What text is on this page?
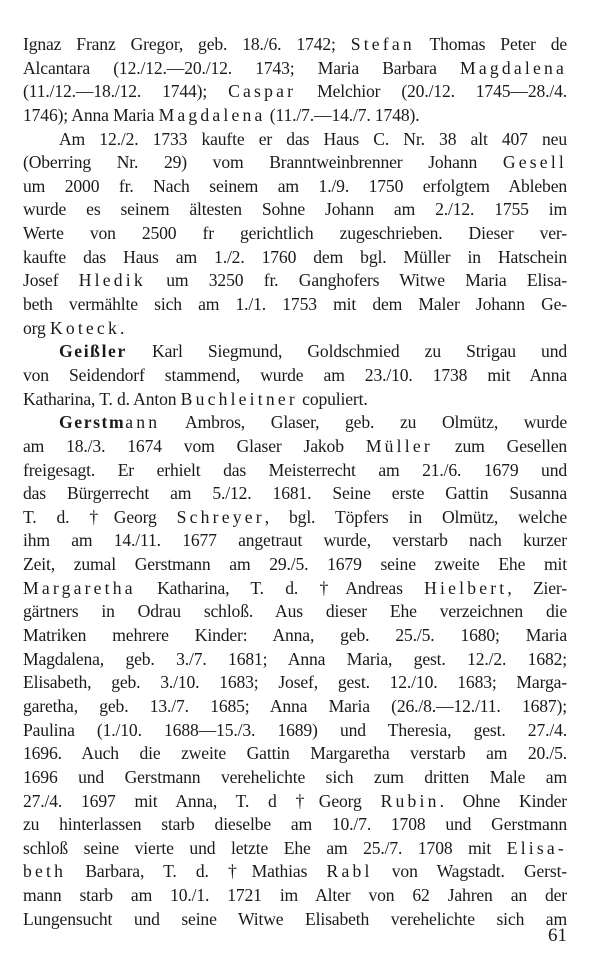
Ignaz Franz Gregor, geb. 18./6. 1742; Stefan Thomas Peter de
Alcantara (12./12.—20./12. 1743; Maria Barbara Magdalena
(11./12.—18./12. 1744); Caspar Melchior (20./12. 1745—28./4.
1746); Anna Maria Magdalena (11./7.—14./7. 1748).
Am 12./2. 1733 kaufte er das Haus C. Nr. 38 alt 407 neu
(Oberring Nr. 29) vom Branntweinbrenner Johann Gesell
um 2000 fr. Nach seinem am 1./9. 1750 erfolgtem Ableben
wurde es seinem ältesten Sohne Johann am 2./12. 1755 im
Werte von 2500 fr gerichtlich zugeschrieben. Dieser ver-
kaufte das Haus am 1./2. 1760 dem bgl. Müller in Hatschein
Josef Hledik um 3250 fr. Ganghofers Witwe Maria Elisa-
beth vermählte sich am 1./1. 1753 mit dem Maler Johann Ge-
org Koteck.
Geißler Karl Siegmund, Goldschmied zu Strigau und
von Seidendorf stammend, wurde am 23./10. 1738 mit Anna
Katharina, T. d. Anton Buchleitner copuliert.
Gerstmann Ambros, Glaser, geb. zu Olmütz, wurde
am 18./3. 1674 vom Glaser Jakob Müller zum Gesellen
freigesagt. Er erhielt das Meisterrecht am 21./6. 1679 und
das Bürgerrecht am 5./12. 1681. Seine erste Gattin Susanna
T. d. †Georg Schreyer, bgl. Töpfers in Olmütz, welche
ihm am 14./11. 1677 angetraut wurde, verstarb nach kurzer
Zeit, zumal Gerstmann am 29./5. 1679 seine zweite Ehe mit
Margaretha Katharina, T. d. †Andreas Hielbert, Zier-
gärtners in Odrau schloß. Aus dieser Ehe verzeichnen die
Matriken mehrere Kinder: Anna, geb. 25./5. 1680; Maria
Magdalena, geb. 3./7. 1681; Anna Maria, gest. 12./2. 1682;
Elisabeth, geb. 3./10. 1683; Josef, gest. 12./10. 1683; Marga-
garetha, geb. 13./7. 1685; Anna Maria (26./8.—12./11. 1687);
Paulina (1./10. 1688—15./3. 1689) und Theresia, gest. 27./4.
1696. Auch die zweite Gattin Margaretha verstarb am 20./5.
1696 und Gerstmann verehelichte sich zum dritten Male am
27./4. 1697 mit Anna, T. d †Georg Rubin. Ohne Kinder
zu hinterlassen starb dieselbe am 10./7. 1708 und Gerstmann
schloß seine vierte und letzte Ehe am 25./7. 1708 mit Elisa-
beth Barbara, T. d. †Mathias Rabl von Wagstadt. Gerst-
mann starb am 10./1. 1721 im Alter von 62 Jahren an der
Lungensucht und seine Witwe Elisabeth verehelichte sich am
61
